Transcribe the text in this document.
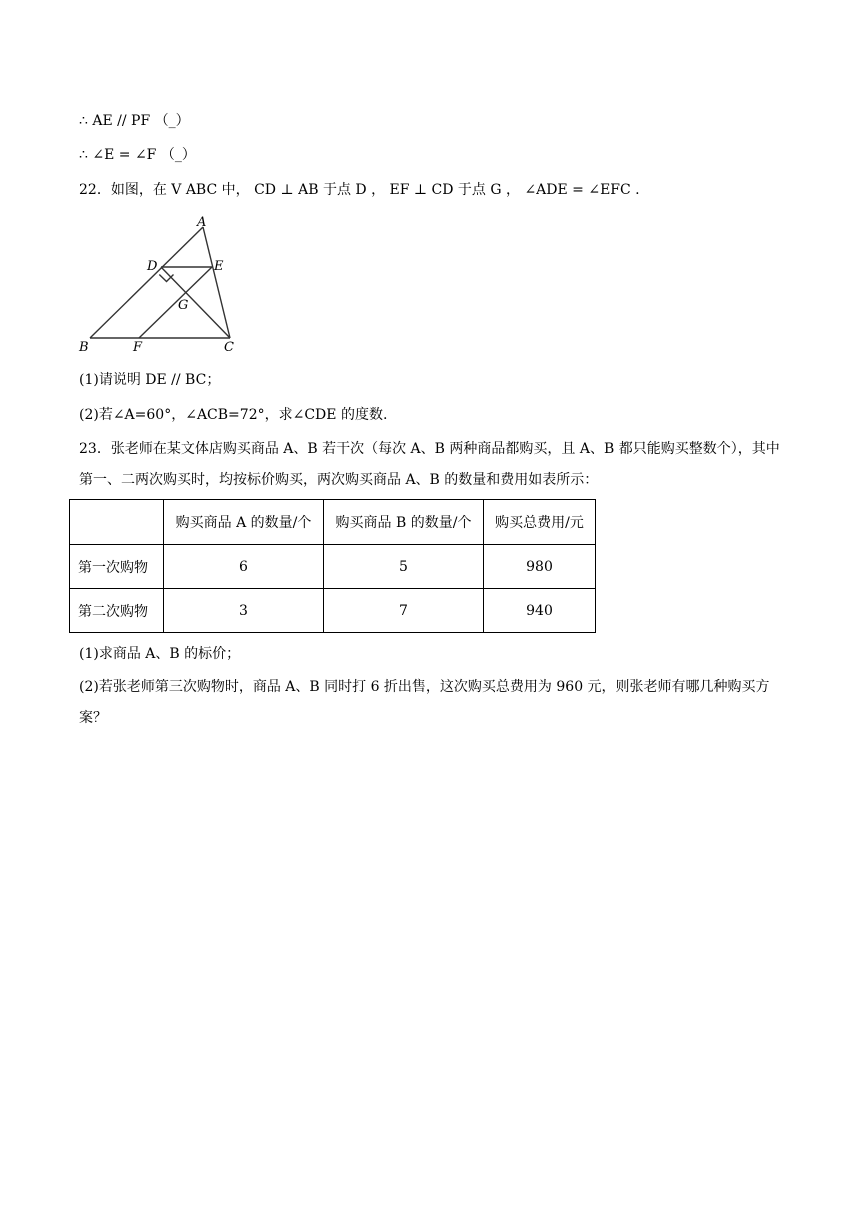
∴ AE // PF （_）
∴ ∠E = ∠F （_）
22．如图，在 V ABC 中， CD ⊥ AB 于点 D ， EF ⊥ CD 于点 G ， ∠ADE = ∠EFC .
A
D	E
G
B	F	C
(1)请说明 DE // BC；
(2)若∠A=60°，∠ACB=72°，求∠CDE 的度数.
23．张老师在某文体店购买商品 A、B 若干次（每次 A、B 两种商品都购买，且 A、B 都只能购买整数个），其中第一、二两次购买时，均按标价购买，两次购买商品 A、B 的数量和费用如表所示：
	购买商品 A 的数量/个	购买商品 B 的数量/个	购买总费用/元
第一次购物	6	5	980
第二次购物	3	7	940
(1)求商品 A、B 的标价；
(2)若张老师第三次购物时，商品 A、B 同时打 6 折出售，这次购买总费用为 960 元，则张老师有哪几种购买方案？
